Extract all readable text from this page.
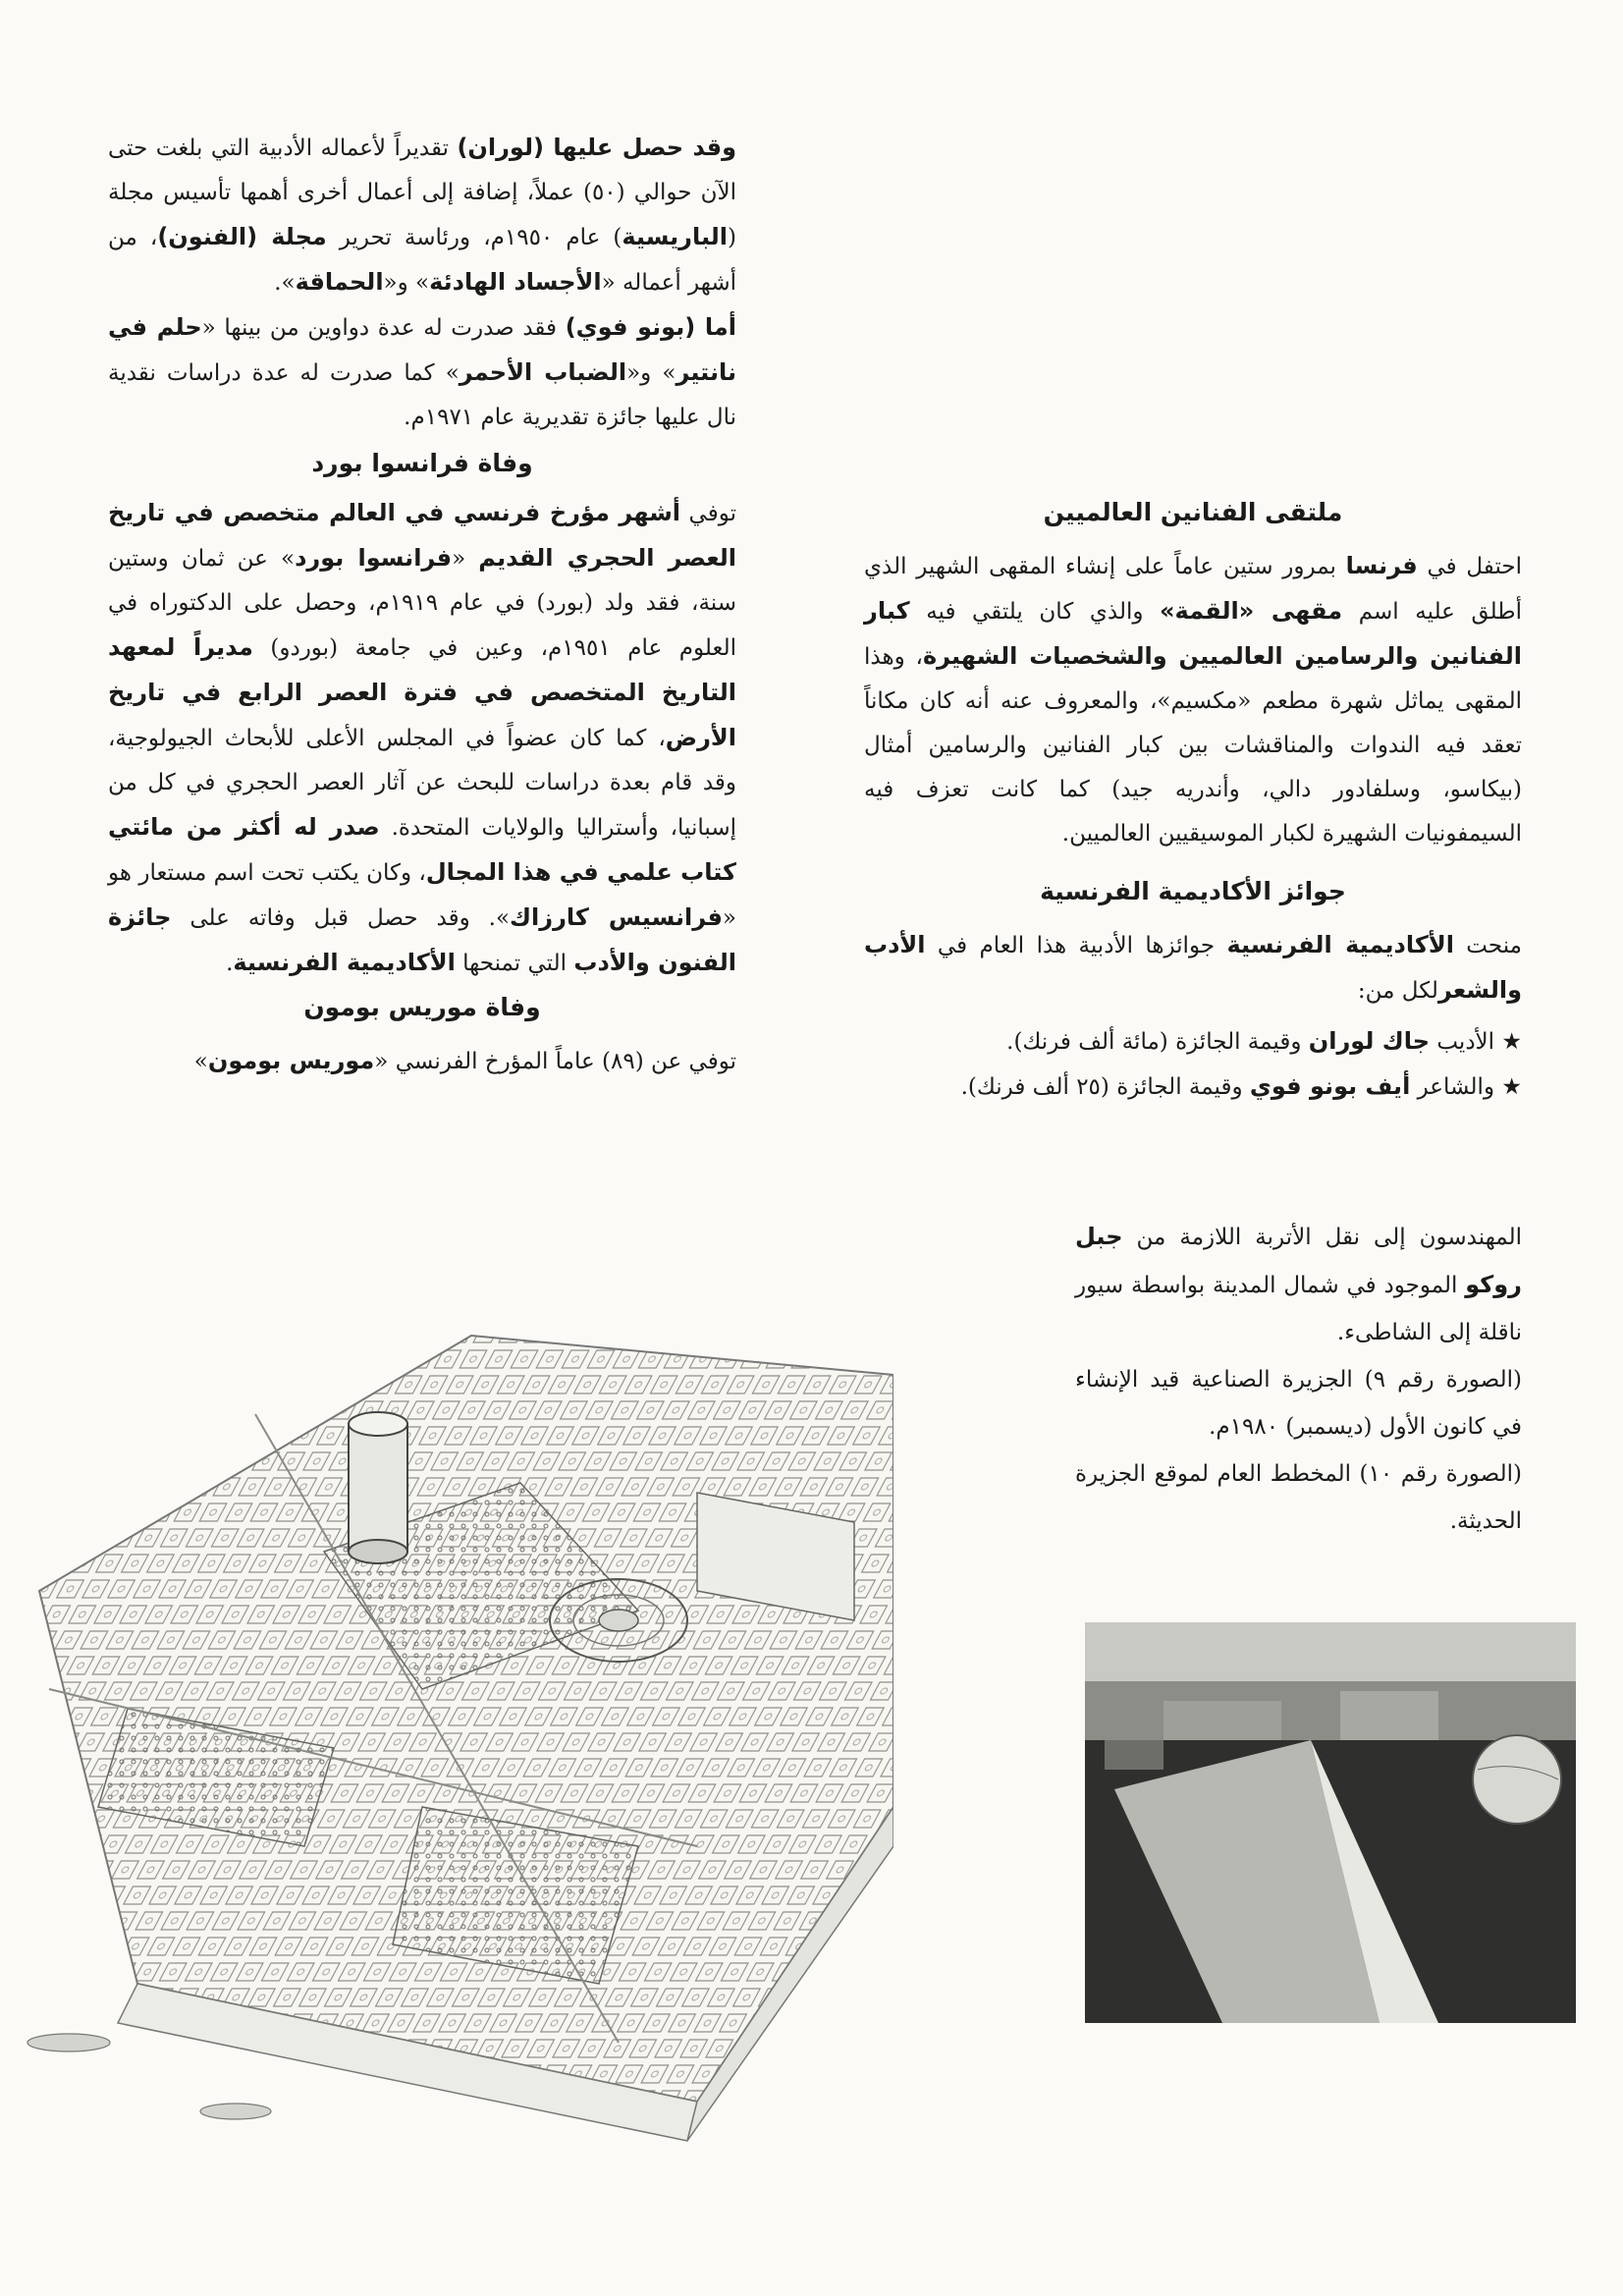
وقد حصل عليها (لوران) تقديراً لأعماله الأدبية التي بلغت حتى الآن حوالي (٥٠) عملاً، إضافة إلى أعمال أخرى أهمها تأسيس مجلة (الباريسية) عام ١٩٥٠م، ورئاسة تحرير مجلة (الفنون)، من أشهر أعماله «الأجساد الهادئة» و«الحماقة».

أما (بونو فوي) فقد صدرت له عدة دواوين من بينها «حلم في نانتير» و«الضباب الأحمر» كما صدرت له عدة دراسات نقدية نال عليها جائزة تقديرية عام ١٩٧١م.

وفاة فرانسوا بورد

توفي أشهر مؤرخ فرنسي في العالم متخصص في تاريخ العصر الحجري القديم «فرانسوا بورد» عن ثمان وستين سنة، فقد ولد (بورد) في عام ١٩١٩م، وحصل على الدكتوراه في العلوم عام ١٩٥١م، وعين في جامعة (بوردو) مديراً لمعهد التاريخ المتخصص في فترة العصر الرابع في تاريخ الأرض، كما كان عضواً في المجلس الأعلى للأبحاث الجيولوجية، وقد قام بعدة دراسات للبحث عن آثار العصر الحجري في كل من إسبانيا، وأستراليا والولايات المتحدة. صدر له أكثر من مائتي كتاب علمي في هذا المجال، وكان يكتب تحت اسم مستعار هو «فرانسيس كارزاك». وقد حصل قبل وفاته على جائزة الفنون والأدب التي تمنحها الأكاديمية الفرنسية.

وفاة موريس بومون

توفي عن (٨٩) عاماً المؤرخ الفرنسي «موريس بومون»

ملتقى الفنانين العالميين

احتفل في فرنسا بمرور ستين عاماً على إنشاء المقهى الشهير الذي أطلق عليه اسم مقهى «القمة» والذي كان يلتقي فيه كبار الفنانين والرسامين العالميين والشخصيات الشهيرة، وهذا المقهى يماثل شهرة مطعم «مكسيم»، والمعروف عنه أنه كان مكاناً تعقد فيه الندوات والمناقشات بين كبار الفنانين والرسامين أمثال (بيكاسو، وسلفادور دالي، وأندريه جيد) كما كانت تعزف فيه السيمفونيات الشهيرة لكبار الموسيقيين العالميين.

جوائز الأكاديمية الفرنسية

منحت الأكاديمية الفرنسية جوائزها الأدبية هذا العام في الأدب والشعرلكل من:

★ الأديب جاك لوران وقيمة الجائزة (مائة ألف فرنك).

★ والشاعر أيف بونو فوي وقيمة الجائزة (٢٥ ألف فرنك).

المهندسون إلى نقل الأتربة اللازمة من جبل روكو الموجود في شمال المدينة بواسطة سيور ناقلة إلى الشاطىء.

(الصورة رقم ٩) الجزيرة الصناعية قيد الإنشاء في كانون الأول (ديسمبر) ١٩٨٠م.

(الصورة رقم ١٠) المخطط العام لموقع الجزيرة الحديثة.
